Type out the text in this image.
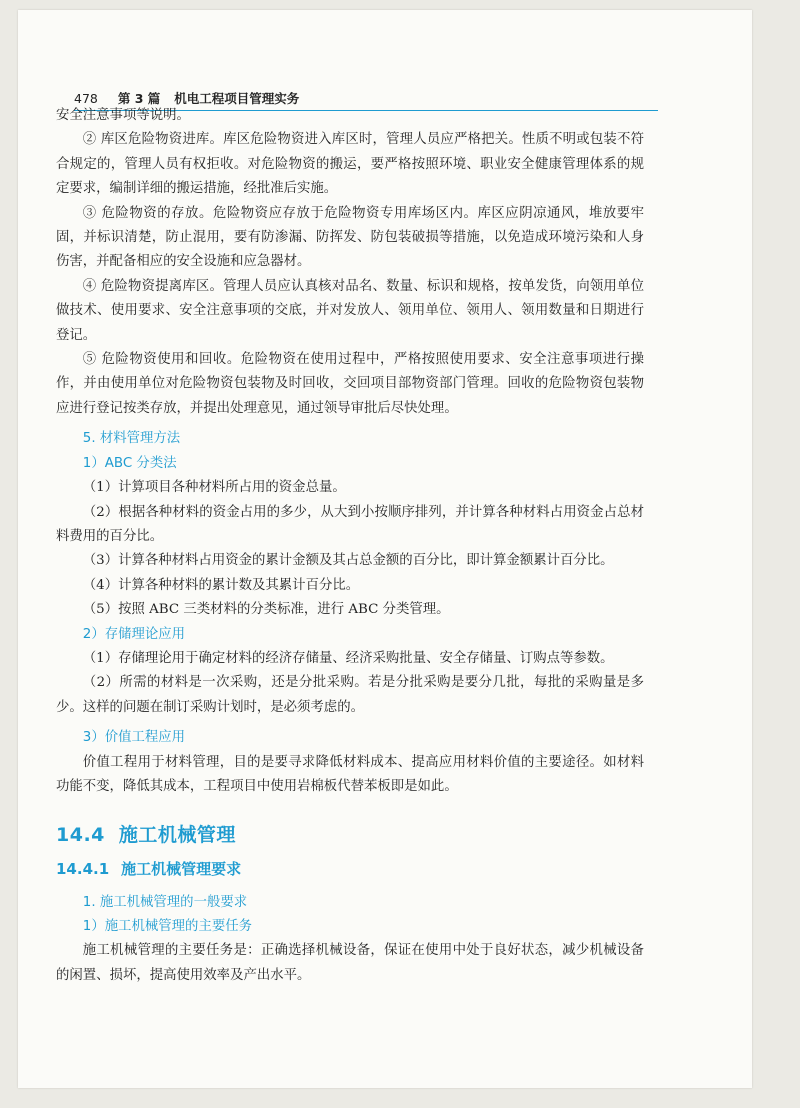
478 第 3 篇 机电工程项目管理实务

安全注意事项等说明。

② 库区危险物资进库。库区危险物资进入库区时，管理人员应严格把关。性质不明或包装不符合规定的，管理人员有权拒收。对危险物资的搬运，要严格按照环境、职业安全健康管理体系的规定要求，编制详细的搬运措施，经批准后实施。

③ 危险物资的存放。危险物资应存放于危险物资专用库场区内。库区应阴凉通风，堆放要牢固，并标识清楚，防止混用，要有防渗漏、防挥发、防包装破损等措施，以免造成环境污染和人身伤害，并配备相应的安全设施和应急器材。

④ 危险物资提离库区。管理人员应认真核对品名、数量、标识和规格，按单发货，向领用单位做技术、使用要求、安全注意事项的交底，并对发放人、领用单位、领用人、领用数量和日期进行登记。

⑤ 危险物资使用和回收。危险物资在使用过程中，严格按照使用要求、安全注意事项进行操作，并由使用单位对危险物资包装物及时回收，交回项目部物资部门管理。回收的危险物资包装物应进行登记按类存放，并提出处理意见，通过领导审批后尽快处理。

5. 材料管理方法
1）ABC 分类法

（1）计算项目各种材料所占用的资金总量。

（2）根据各种材料的资金占用的多少，从大到小按顺序排列，并计算各种材料占用资金占总材料费用的百分比。

（3）计算各种材料占用资金的累计金额及其占总金额的百分比，即计算金额累计百分比。

（4）计算各种材料的累计数及其累计百分比。

（5）按照 ABC 三类材料的分类标准，进行 ABC 分类管理。

2）存储理论应用

（1）存储理论用于确定材料的经济存储量、经济采购批量、安全存储量、订购点等参数。

（2）所需的材料是一次采购，还是分批采购。若是分批采购是要分几批，每批的采购量是多少。这样的问题在制订采购计划时，是必须考虑的。

3）价值工程应用

价值工程用于材料管理，目的是要寻求降低材料成本、提高应用材料价值的主要途径。如材料功能不变，降低其成本，工程项目中使用岩棉板代替苯板即是如此。

14.4 施工机械管理
14.4.1 施工机械管理要求
1. 施工机械管理的一般要求
1）施工机械管理的主要任务

施工机械管理的主要任务是：正确选择机械设备，保证在使用中处于良好状态，减少机械设备的闲置、损坏，提高使用效率及产出水平。
